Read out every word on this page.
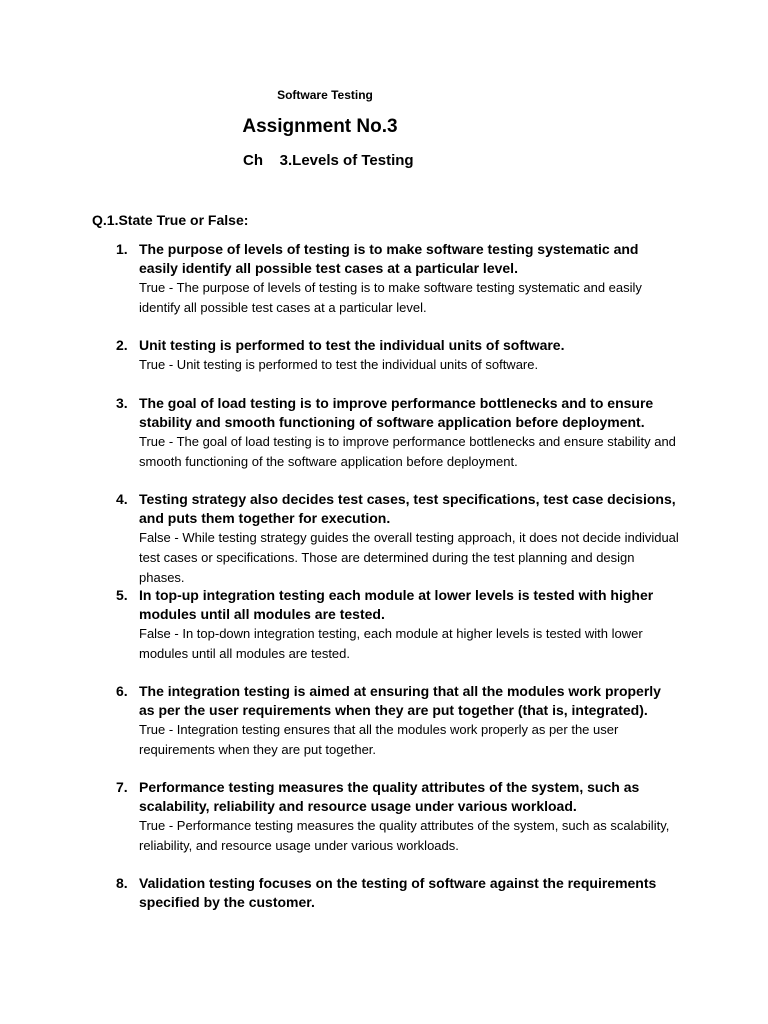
Software Testing
Assignment No.3
Ch    3.Levels of Testing
Q.1.State True or False:
1. The purpose of levels of testing is to make software testing systematic and easily identify all possible test cases at a particular level.
True - The purpose of levels of testing is to make software testing systematic and easily identify all possible test cases at a particular level.
2. Unit testing is performed to test the individual units of software.
True - Unit testing is performed to test the individual units of software.
3. The goal of load testing is to improve performance bottlenecks and to ensure stability and smooth functioning of software application before deployment.
True - The goal of load testing is to improve performance bottlenecks and ensure stability and smooth functioning of the software application before deployment.
4. Testing strategy also decides test cases, test specifications, test case decisions, and puts them together for execution.
False - While testing strategy guides the overall testing approach, it does not decide individual test cases or specifications. Those are determined during the test planning and design phases.
5. In top-up integration testing each module at lower levels is tested with higher modules until all modules are tested.
False - In top-down integration testing, each module at higher levels is tested with lower modules until all modules are tested.
6. The integration testing is aimed at ensuring that all the modules work properly as per the user requirements when they are put together (that is, integrated).
True - Integration testing ensures that all the modules work properly as per the user requirements when they are put together.
7. Performance testing measures the quality attributes of the system, such as scalability, reliability and resource usage under various workload.
True - Performance testing measures the quality attributes of the system, such as scalability, reliability, and resource usage under various workloads.
8. Validation testing focuses on the testing of software against the requirements specified by the customer.
